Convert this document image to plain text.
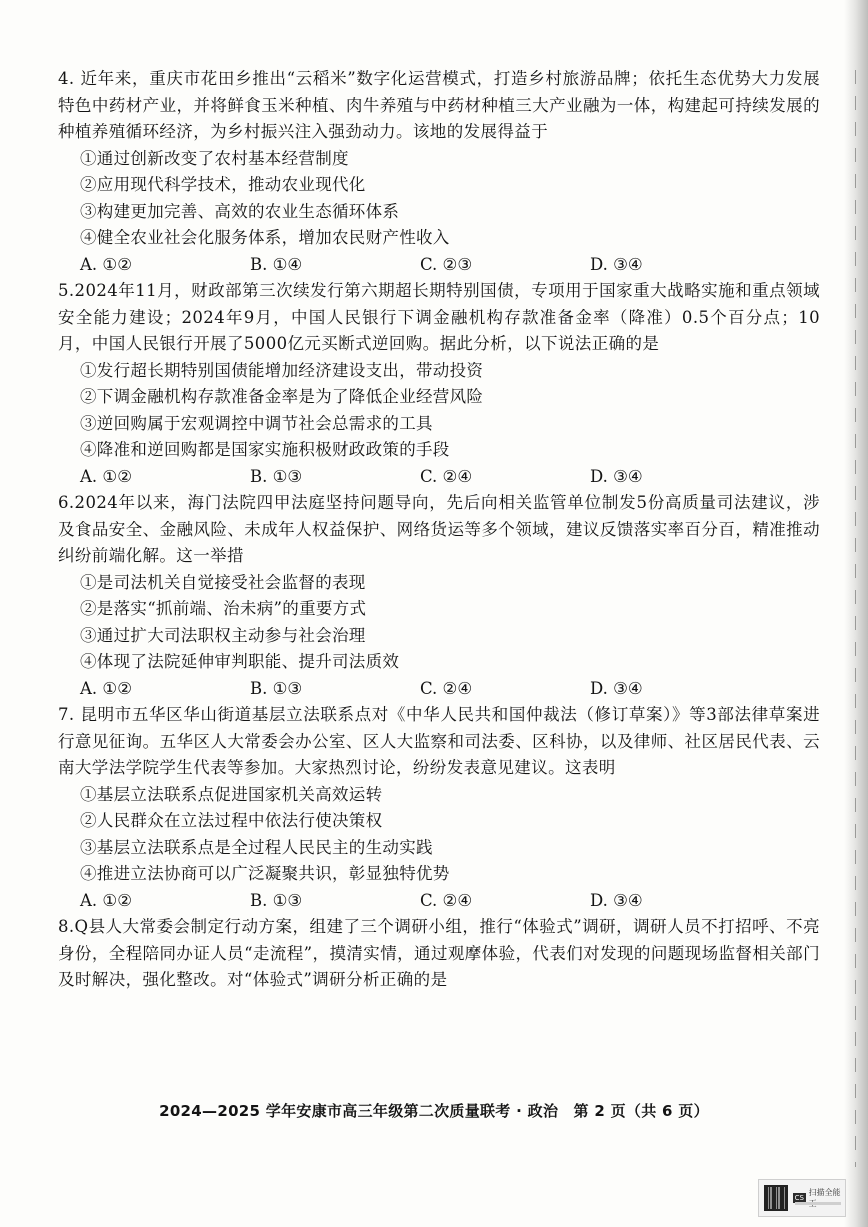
4. 近年来，重庆市花田乡推出“云稻米”数字化运营模式，打造乡村旅游品牌；依托生态优势大力发展特色中药材产业，并将鲜食玉米种植、肉牛养殖与中药材种植三大产业融为一体，构建起可持续发展的种植养殖循环经济，为乡村振兴注入强劲动力。该地的发展得益于
①通过创新改变了农村基本经营制度
②应用现代科学技术，推动农业现代化
③构建更加完善、高效的农业生态循环体系
④健全农业社会化服务体系，增加农民财产性收入
A. ①②	B. ①④	C. ②③	D. ③④
5.2024年11月，财政部第三次续发行第六期超长期特别国债，专项用于国家重大战略实施和重点领域安全能力建设；2024年9月，中国人民银行下调金融机构存款准备金率（降准）0.5个百分点；10月，中国人民银行开展了5000亿元买断式逆回购。据此分析，以下说法正确的是
①发行超长期特别国债能增加经济建设支出，带动投资
②下调金融机构存款准备金率是为了降低企业经营风险
③逆回购属于宏观调控中调节社会总需求的工具
④降准和逆回购都是国家实施积极财政政策的手段
A. ①②	B. ①③	C. ②④	D. ③④
6.2024年以来，海门法院四甲法庭坚持问题导向，先后向相关监管单位制发5份高质量司法建议，涉及食品安全、金融风险、未成年人权益保护、网络货运等多个领域，建议反馈落实率百分百，精准推动纠纷前端化解。这一举措
①是司法机关自觉接受社会监督的表现
②是落实“抓前端、治未病”的重要方式
③通过扩大司法职权主动参与社会治理
④体现了法院延伸审判职能、提升司法质效
A. ①②	B. ①③	C. ②④	D. ③④
7. 昆明市五华区华山街道基层立法联系点对《中华人民共和国仲裁法（修订草案）》等3部法律草案进行意见征询。五华区人大常委会办公室、区人大监察和司法委、区科协，以及律师、社区居民代表、云南大学法学院学生代表等参加。大家热烈讨论，纷纷发表意见建议。这表明
①基层立法联系点促进国家机关高效运转
②人民群众在立法过程中依法行使决策权
③基层立法联系点是全过程人民民主的生动实践
④推进立法协商可以广泛凝聚共识，彰显独特优势
A. ①②	B. ①③	C. ②④	D. ③④
8.Q县人大常委会制定行动方案，组建了三个调研小组，推行“体验式”调研，调研人员不打招呼、不亮身份，全程陪同办证人员“走流程”，摸清实情，通过观摩体验，代表们对发现的问题现场监督相关部门及时解决，强化整改。对“体验式”调研分析正确的是
2024—2025 学年安康市高三年级第二次质量联考 · 政治　第 2 页（共 6 页）
CS
扫描全能
